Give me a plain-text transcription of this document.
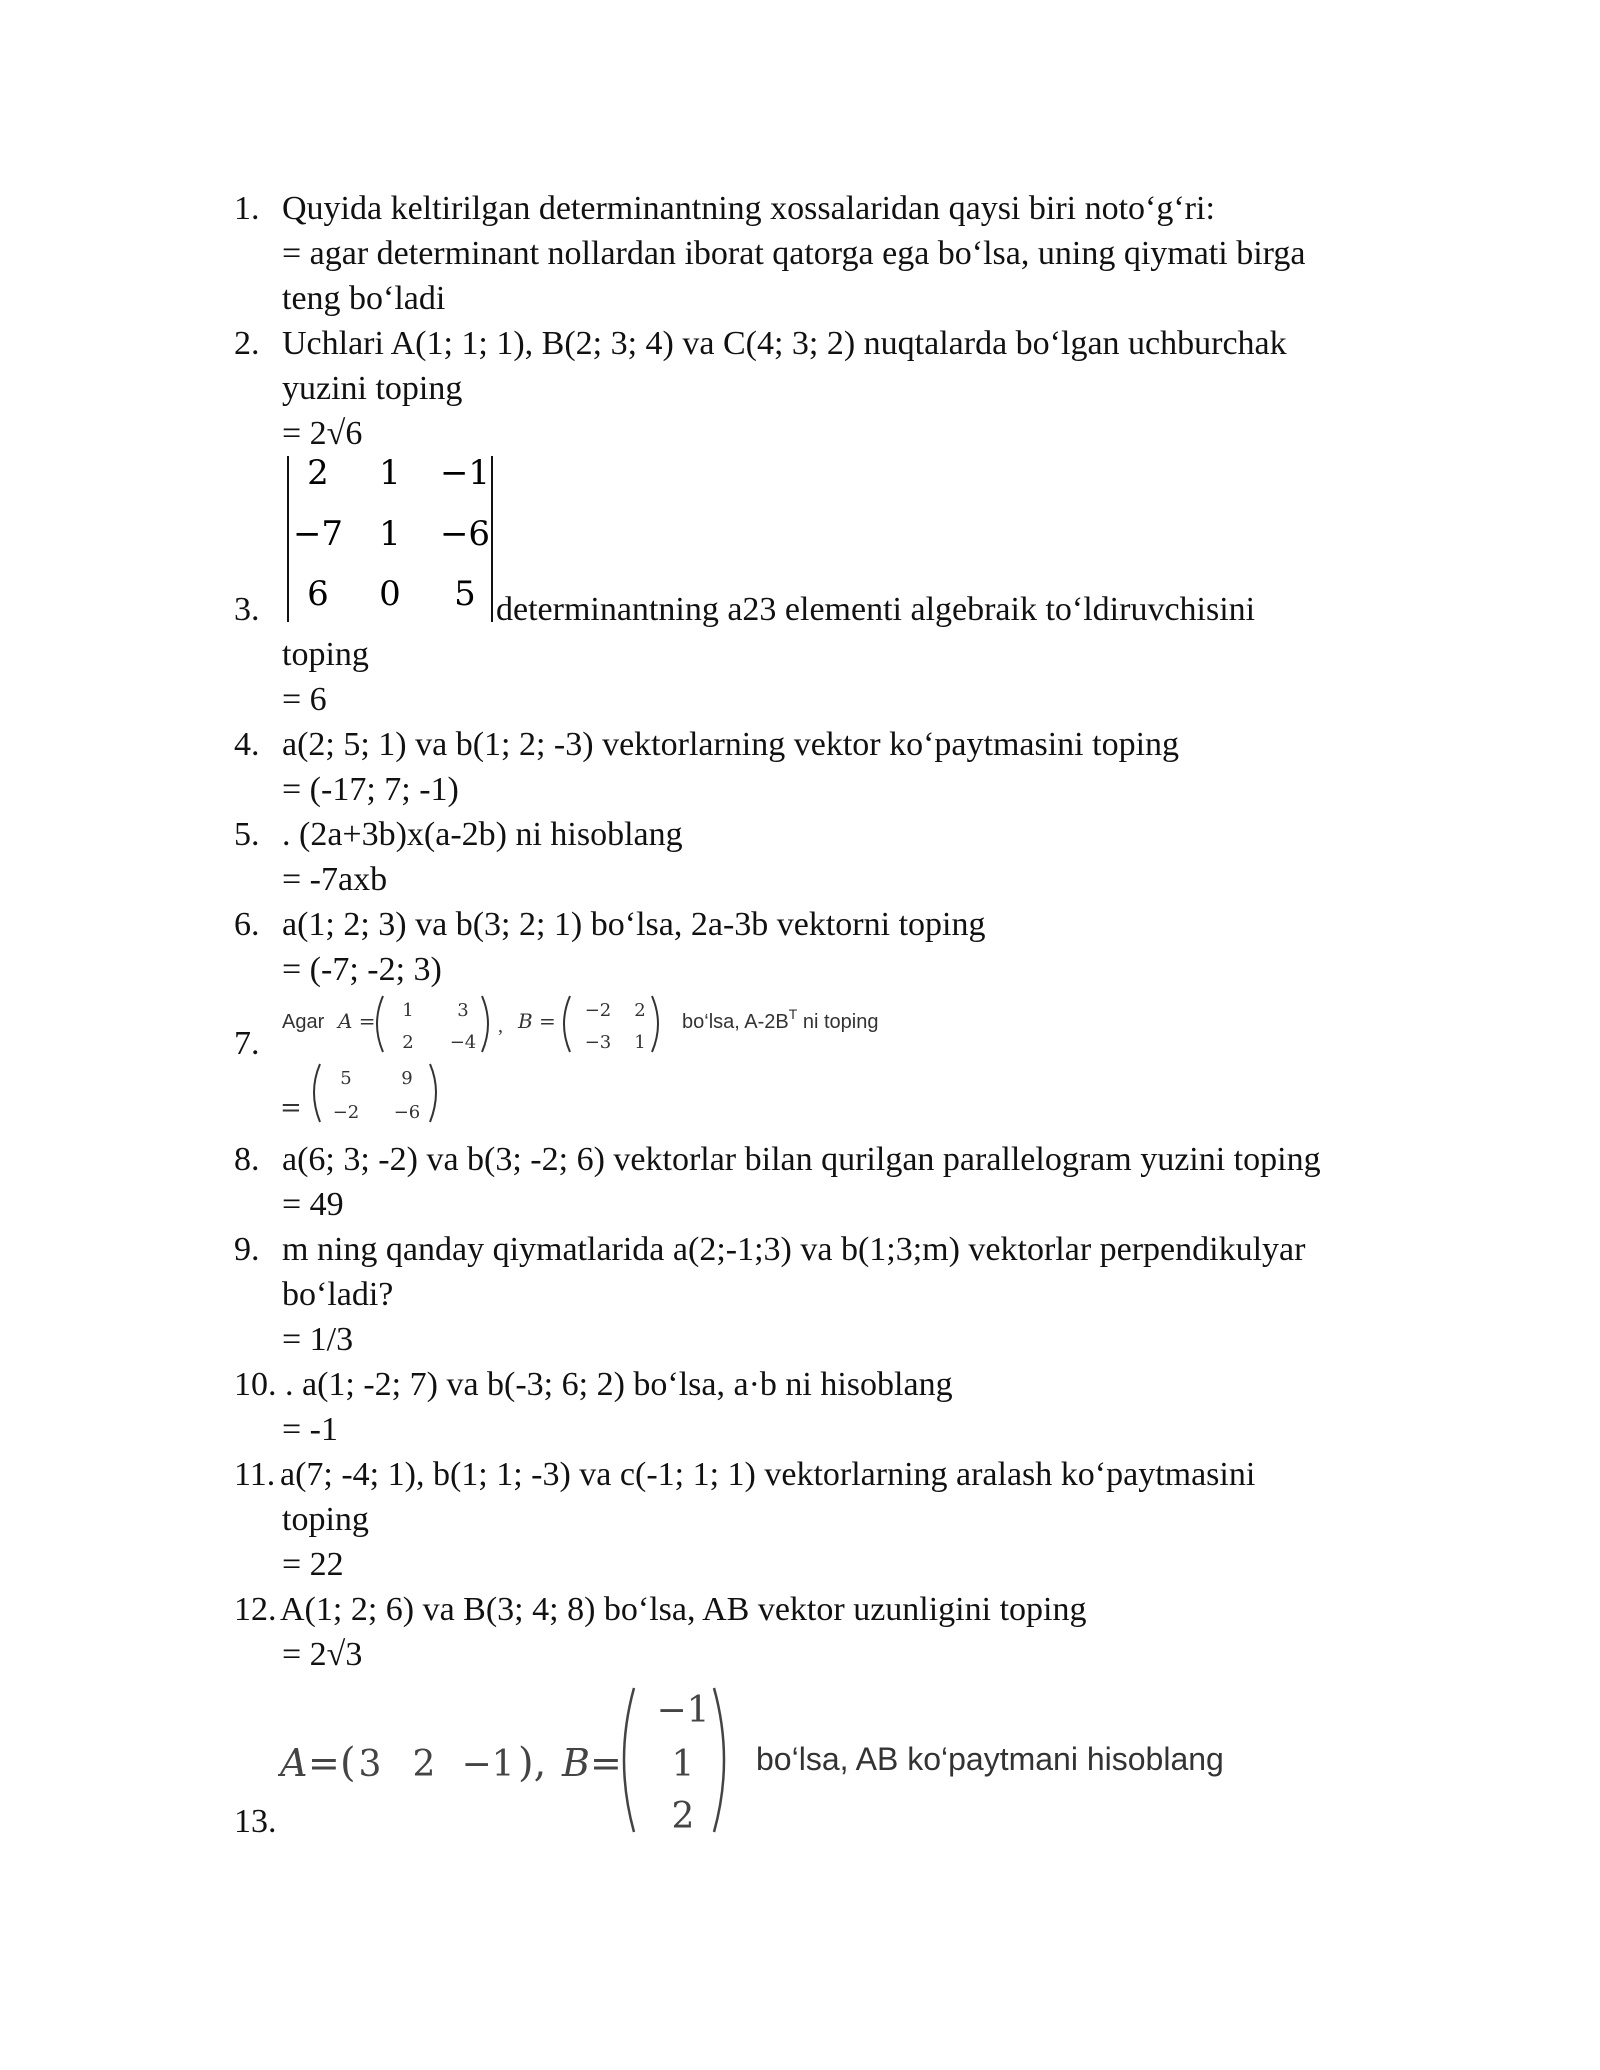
1. Quyida keltirilgan determinantning xossalaridan qaysi biri noto‘g‘ri:
= agar determinant nollardan iborat qatorga ega bo‘lsa, uning qiymati birga
teng bo‘ladi
2. Uchlari A(1; 1; 1), B(2; 3; 4) va C(4; 3; 2) nuqtalarda bo‘lgan uchburchak
yuzini toping
= 2√6
2 1 −1
−7 1 −6
6 0 5
3.	determinantning a23 elementi algebraik to‘ldiruvchisini
toping
= 6
4. a(2; 5; 1) va b(1; 2; -3) vektorlarning vektor ko‘paytmasini toping
= (-17; 7; -1)
5. . (2a+3b)x(a-2b) ni hisoblang
= -7axb
6. a(1; 2; 3) va b(3; 2; 1) bo‘lsa, 2a-3b vektorni toping
= (-7; -2; 3)
7.
Agar A = 1 3
2 −4
, B = −2 2
−3 1
bo‘lsa, $A-2B^T$ ni toping
=
5	9
−2 −6
8. a(6; 3; -2) va b(3; -2; 6) vektorlar bilan qurilgan parallelogram yuzini toping
= 49
9. m ning qanday qiymatlarida a(2;-1;3) va b(1;3;m) vektorlar perpendikulyar
bo‘ladi?
= 1/3
10. . a(1; -2; 7) va b(-3; 6; 2) bo‘lsa, a·b ni hisoblang
= -1
11. a(7; -4; 1), b(1; 1; -3) va c(-1; 1; 1) vektorlarning aralash ko‘paytmasini
toping
= 22
12. A(1; 2; 6) va B(3; 4; 8) bo‘lsa, AB vektor uzunligini toping
= 2√3
A = ( 3 2 −1 ), B =
−1
1
2
bo‘lsa, AB ko‘paytmani hisoblang
13.
